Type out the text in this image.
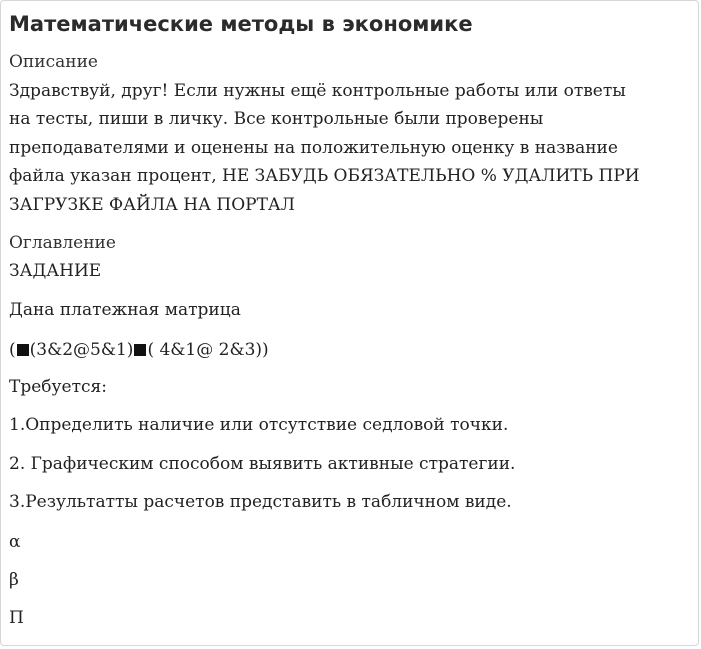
Математические методы в экономике
Описание
Здравствуй, друг! Если нужны ещё контрольные работы или ответы
на тесты, пиши в личку. Все контрольные были проверены
преподавателями и оценены на положительную оценку в название
файла указан процент, НЕ ЗАБУДЬ ОБЯЗАТЕЛЬНО % УДАЛИТЬ ПРИ
ЗАГРУЗКЕ ФАЙЛА НА ПОРТАЛ
Оглавление
ЗАДАНИЕ
Дана платежная матрица
( (3&2@5&1) ( 4&1@ 2&3))
Требуется:
1.Определить наличие или отсутствие седловой точки.
2. Графическим способом выявить активные стратегии.
3.Результатты расчетов представить в табличном виде.
α
β
П
